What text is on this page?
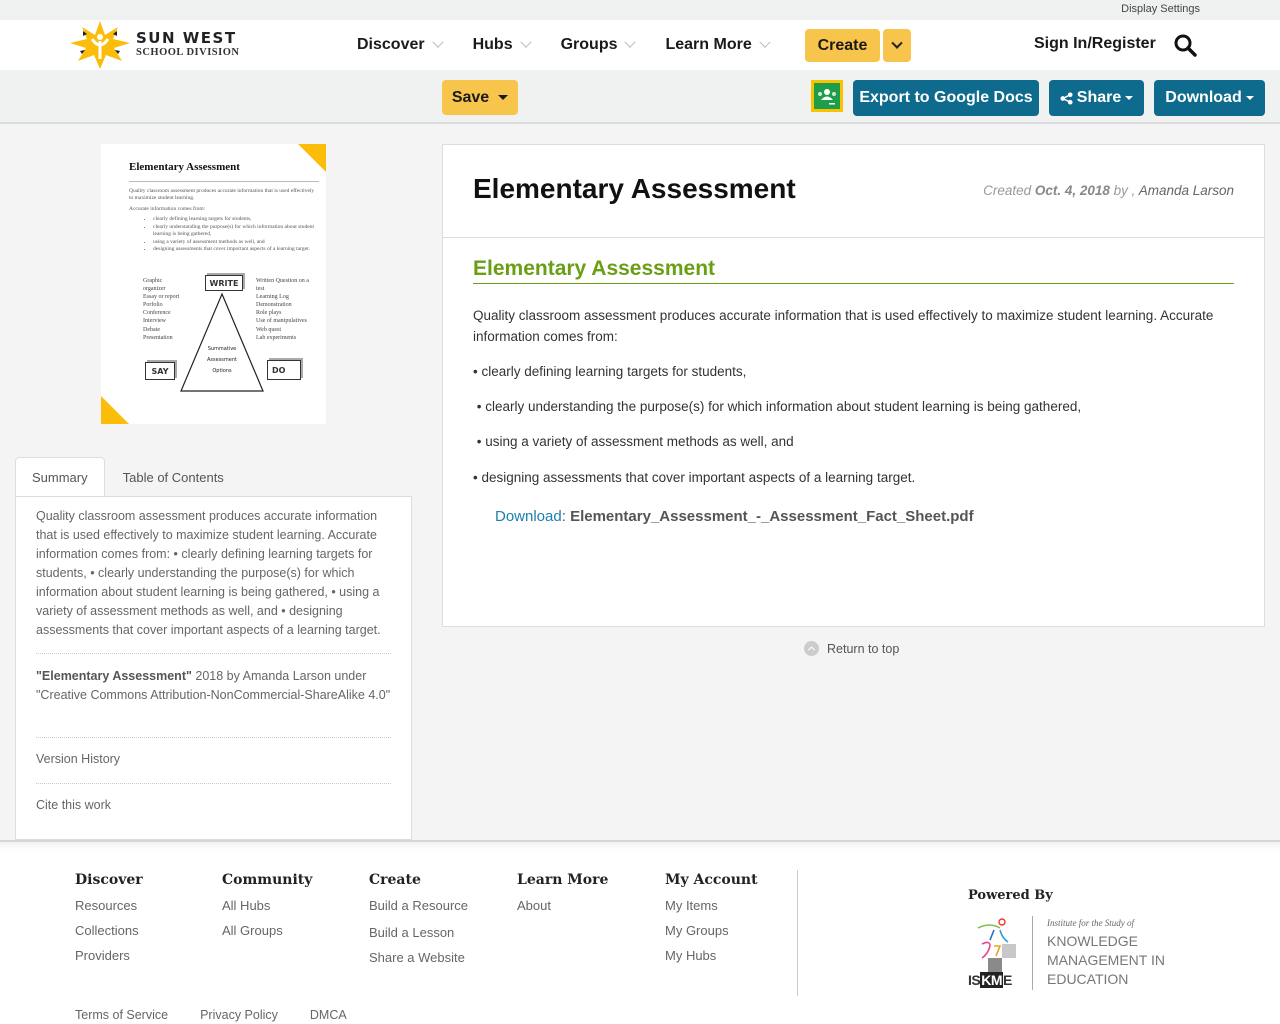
Display Settings
SUN WEST
SCHOOL DIVISION	Discover	Hubs	Groups	Learn More	Create	Sign In/Register
Save	Export to Google Docs	Share	Download
Elementary Assessment
Quality classroom assessment produces accurate information that is used effectively to maximize student learning.
Accurate information comes from:
• clearly defining learning targets for students,
• clearly understanding the purpose(s) for which information about student learning is being gathered,
• using a variety of assessment methods as well, and
• designing assessments that cover important aspects of a learning target.
Graphic
organizer
Essay or report
Porfolio
Conference
Interview
Debate
Presentation
Written Question on a
test
Learning Log
Demonstration
Role plays
Use of manipulatives
Web quest
Lab experiments
WRITE
SAY	DO
Summative
Assessment
Options
Summary	Table of Contents
Quality classroom assessment produces accurate information that is used effectively to maximize student learning. Accurate information comes from: • clearly defining learning targets for students, • clearly understanding the purpose(s) for which information about student learning is being gathered, • using a variety of assessment methods as well, and • designing assessments that cover important aspects of a learning target.
"Elementary Assessment" 2018 by Amanda Larson under "Creative Commons Attribution-NonCommercial-ShareAlike 4.0"
Version History
Cite this work
Elementary Assessment	Created Oct. 4, 2018 by , Amanda Larson
Elementary Assessment
Quality classroom assessment produces accurate information that is used effectively to maximize student learning. Accurate information comes from:
• clearly defining learning targets for students,
• clearly understanding the purpose(s) for which information about student learning is being gathered,
• using a variety of assessment methods as well, and
• designing assessments that cover important aspects of a learning target.
Download: Elementary_Assessment_-_Assessment_Fact_Sheet.pdf
Return to top
Discover
Resources
Collections
Providers
Community
All Hubs
All Groups
Create
Build a Resource
Build a Lesson
Share a Website
Learn More
About
My Account
My Items
My Groups
My Hubs
Powered By
ISKME
Institute for the Study of
KNOWLEDGE
MANAGEMENT IN
EDUCATION
Terms of Service	Privacy Policy	DMCA
